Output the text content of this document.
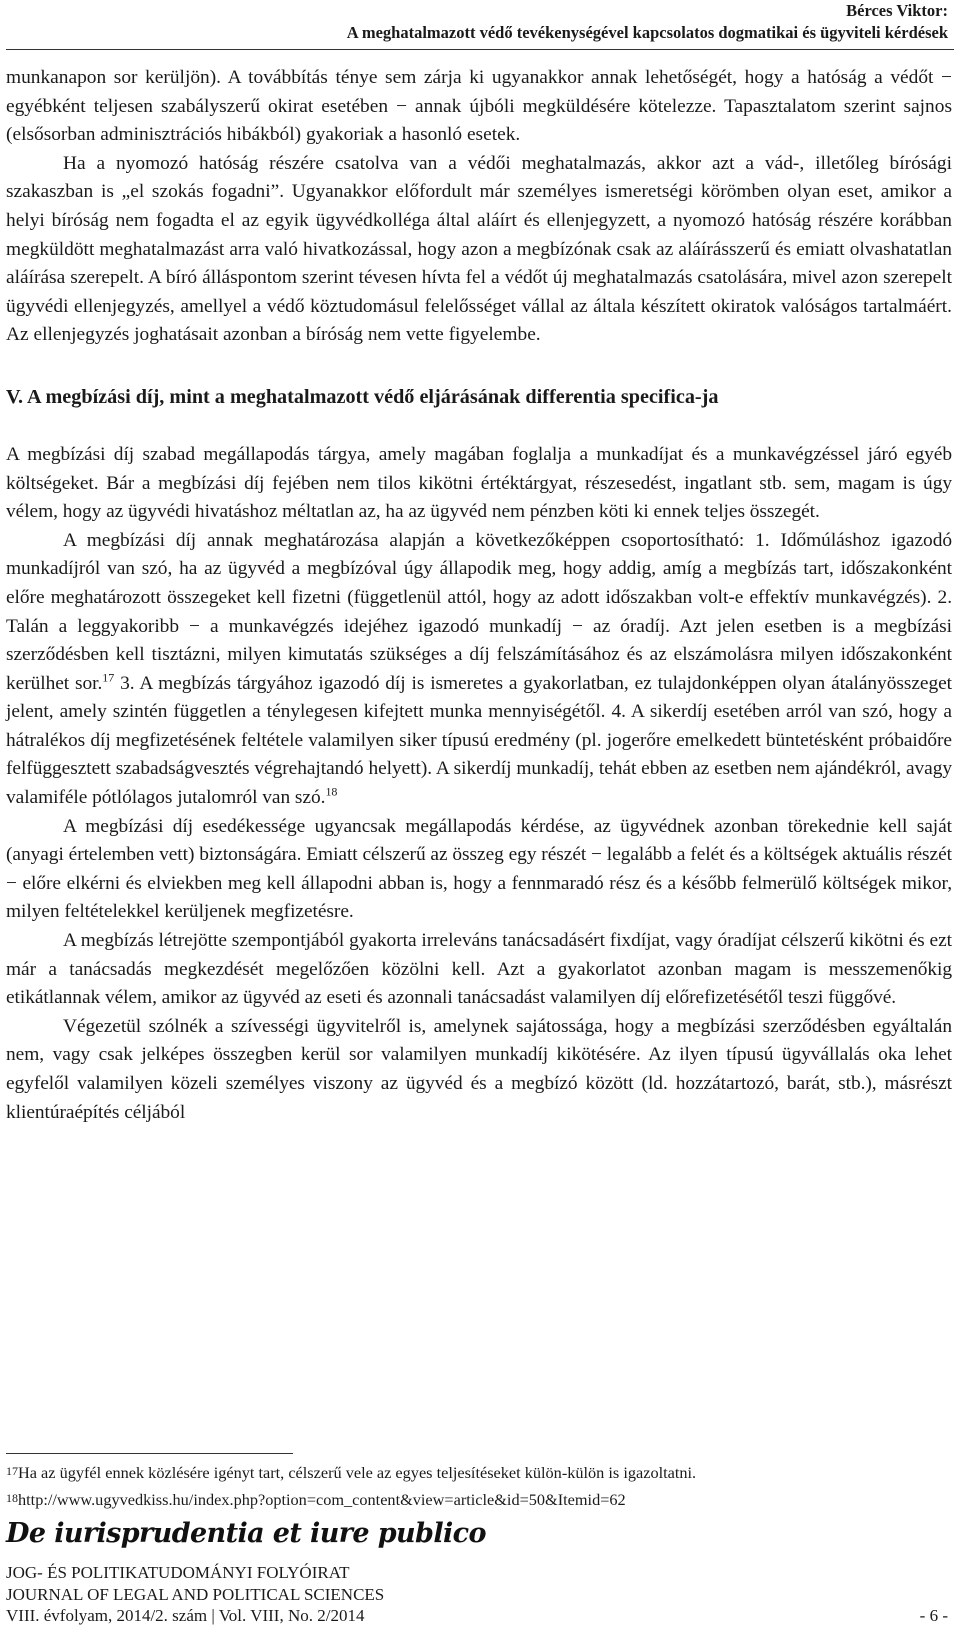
Bérces Viktor:
A meghatalmazott védő tevékenységével kapcsolatos dogmatikai és ügyviteli kérdések

munkanapon sor kerüljön). A továbbítás ténye sem zárja ki ugyanakkor annak lehetőségét, hogy a hatóság a védőt − egyébként teljesen szabályszerű okirat esetében − annak újbóli megküldésére kötelezze. Tapasztalatom szerint sajnos (elsősorban adminisztrációs hibákból) gyakoriak a hasonló esetek.

Ha a nyomozó hatóság részére csatolva van a védői meghatalmazás, akkor azt a vád-, illetőleg bírósági szakaszban is „el szokás fogadni”. Ugyanakkor előfordult már személyes ismeretségi körömben olyan eset, amikor a helyi bíróság nem fogadta el az egyik ügyvédkolléga által aláírt és ellenjegyzett, a nyomozó hatóság részére korábban megküldött meghatalmazást arra való hivatkozással, hogy azon a megbízónak csak az aláírásszerű és emiatt olvashatatlan aláírása szerepelt. A bíró álláspontom szerint tévesen hívta fel a védőt új meghatalmazás csatolására, mivel azon szerepelt ügyvédi ellenjegyzés, amellyel a védő köztudomásul felelősséget vállal az általa készített okiratok valóságos tartalmáért. Az ellenjegyzés joghatásait azonban a bíróság nem vette figyelembe.

V. A megbízási díj, mint a meghatalmazott védő eljárásának differentia specifica-ja

A megbízási díj szabad megállapodás tárgya, amely magában foglalja a munkadíjat és a munkavégzéssel járó egyéb költségeket. Bár a megbízási díj fejében nem tilos kikötni értéktárgyat, részesedést, ingatlant stb. sem, magam is úgy vélem, hogy az ügyvédi hivatáshoz méltatlan az, ha az ügyvéd nem pénzben köti ki ennek teljes összegét.

A megbízási díj annak meghatározása alapján a következőképpen csoportosítható: 1. Időmúláshoz igazodó munkadíjról van szó, ha az ügyvéd a megbízóval úgy állapodik meg, hogy addig, amíg a megbízás tart, időszakonként előre meghatározott összegeket kell fizetni (függetlenül attól, hogy az adott időszakban volt-e effektív munkavégzés). 2. Talán a leggyakoribb − a munkavégzés idejéhez igazodó munkadíj − az óradíj. Azt jelen esetben is a megbízási szerződésben kell tisztázni, milyen kimutatás szükséges a díj felszámításához és az elszámolásra milyen időszakonként kerülhet sor.$^{17}$ 3. A megbízás tárgyához igazodó díj is ismeretes a gyakorlatban, ez tulajdonképpen olyan átalányösszeget jelent, amely szintén független a ténylegesen kifejtett munka mennyiségétől. 4. A sikerdíj esetében arról van szó, hogy a hátralékos díj megfizetésének feltétele valamilyen siker típusú eredmény (pl. jogerőre emelkedett büntetésként próbaidőre felfüggesztett szabadságvesztés végrehajtandó helyett). A sikerdíj munkadíj, tehát ebben az esetben nem ajándékról, avagy valamiféle pótlólagos jutalomról van szó.$^{18}$

A megbízási díj esedékessége ugyancsak megállapodás kérdése, az ügyvédnek azonban törekednie kell saját (anyagi értelemben vett) biztonságára. Emiatt célszerű az összeg egy részét − legalább a felét és a költségek aktuális részét − előre elkérni és elviekben meg kell állapodni abban is, hogy a fennmaradó rész és a később felmerülő költségek mikor, milyen feltételekkel kerüljenek megfizetésre.

A megbízás létrejötte szempontjából gyakorta irreleváns tanácsadásért fixdíjat, vagy óradíjat célszerű kikötni és ezt már a tanácsadás megkezdését megelőzően közölni kell. Azt a gyakorlatot azonban magam is messzemenőkig etikátlannak vélem, amikor az ügyvéd az eseti és azonnali tanácsadást valamilyen díj előrefizetésétől teszi függővé.

Végezetül szólnék a szívességi ügyvitelről is, amelynek sajátossága, hogy a megbízási szerződésben egyáltalán nem, vagy csak jelképes összegben kerül sor valamilyen munkadíj kikötésére. Az ilyen típusú ügyvállalás oka lehet egyfelől valamilyen közeli személyes viszony az ügyvéd és a megbízó között (ld. hozzátartozó, barát, stb.), másrészt klientúraépítés céljából

17Ha az ügyfél ennek közlésére igényt tart, célszerű vele az egyes teljesítéseket külön-külön is igazoltatni.

18http://www.ugyvedkiss.hu/index.php?option=com_content&view=article&id=50&Itemid=62

De iurisprudentia et iure publico
JOG- ÉS POLITIKATUDOMÁNYI FOLYÓIRAT
JOURNAL OF LEGAL AND POLITICAL SCIENCES
VIII. évfolyam, 2014/2. szám | Vol. VIII, No. 2/2014	- 6 -
